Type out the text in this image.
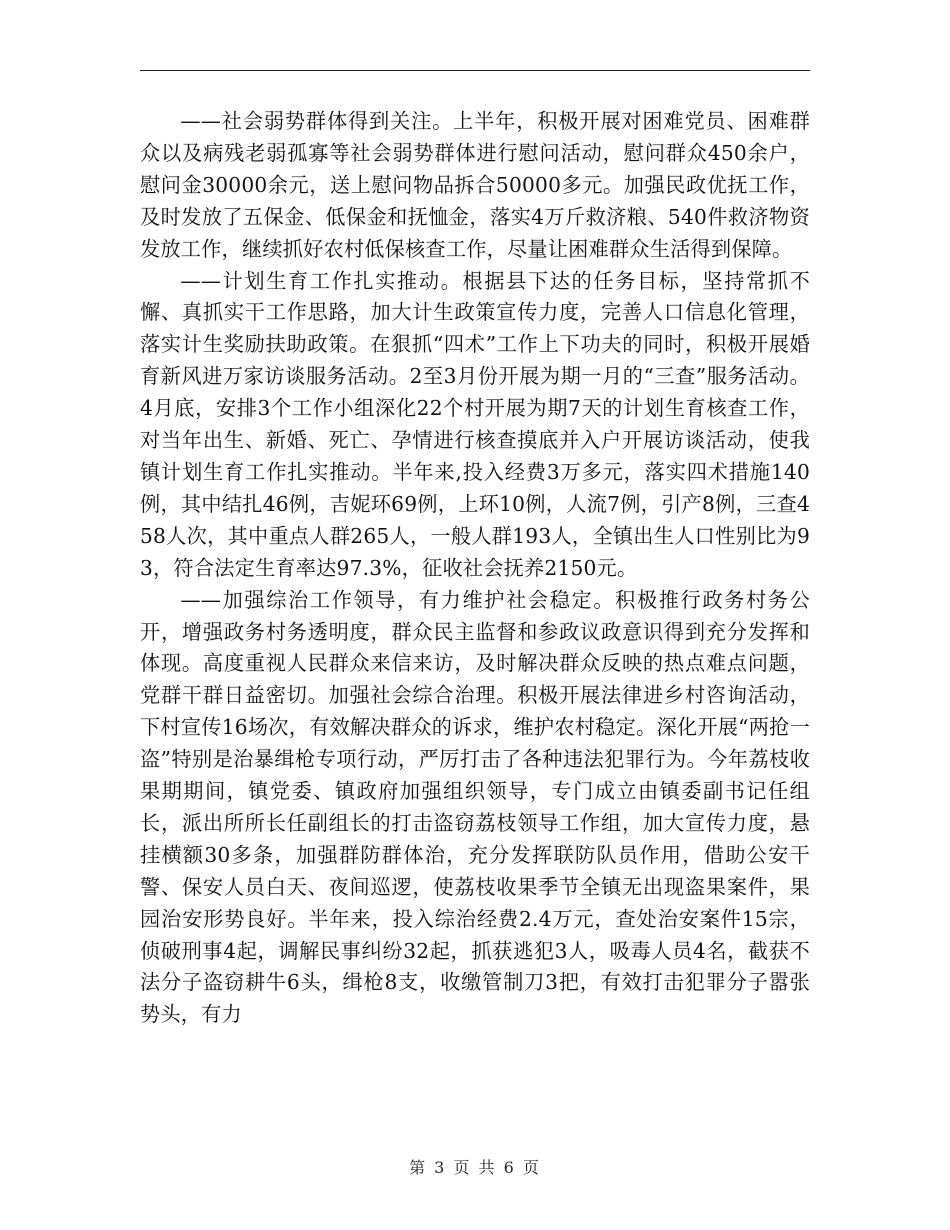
——社会弱势群体得到关注。上半年，积极开展对困难党员、困难群众以及病残老弱孤寡等社会弱势群体进行慰问活动，慰问群众450余户，慰问金30000余元，送上慰问物品拆合50000多元。加强民政优抚工作，及时发放了五保金、低保金和抚恤金，落实4万斤救济粮、540件救济物资发放工作，继续抓好农村低保核查工作，尽量让困难群众生活得到保障。

——计划生育工作扎实推动。根据县下达的任务目标，坚持常抓不懈、真抓实干工作思路，加大计生政策宣传力度，完善人口信息化管理，落实计生奖励扶助政策。在狠抓“四术”工作上下功夫的同时，积极开展婚育新风进万家访谈服务活动。2至3月份开展为期一月的“三查”服务活动。4月底，安排3个工作小组深化22个村开展为期7天的计划生育核查工作，对当年出生、新婚、死亡、孕情进行核查摸底并入户开展访谈活动，使我镇计划生育工作扎实推动。半年来,投入经费3万多元，落实四术措施140例，其中结扎46例，吉妮环69例，上环10例，人流7例，引产8例，三查458人次，其中重点人群265人，一般人群193人，全镇出生人口性别比为93，符合法定生育率达97.3%，征收社会抚养2150元。

——加强综治工作领导，有力维护社会稳定。积极推行政务村务公开，增强政务村务透明度，群众民主监督和参政议政意识得到充分发挥和体现。高度重视人民群众来信来访，及时解决群众反映的热点难点问题，党群干群日益密切。加强社会综合治理。积极开展法律进乡村咨询活动，下村宣传16场次，有效解决群众的诉求，维护农村稳定。深化开展“两抢一盗”特别是治暴缉枪专项行动，严厉打击了各种违法犯罪行为。今年荔枝收果期期间，镇党委、镇政府加强组织领导，专门成立由镇委副书记任组长，派出所所长任副组长的打击盗窃荔枝领导工作组，加大宣传力度，悬挂横额30多条，加强群防群体治，充分发挥联防队员作用，借助公安干警、保安人员白天、夜间巡逻，使荔枝收果季节全镇无出现盗果案件，果园治安形势良好。半年来，投入综治经费2.4万元，查处治安案件15宗，侦破刑事4起，调解民事纠纷32起，抓获逃犯3人，吸毒人员4名，截获不法分子盗窃耕牛6头，缉枪8支，收缴管制刀3把，有效打击犯罪分子嚣张势头，有力

第 3 页 共 6 页
